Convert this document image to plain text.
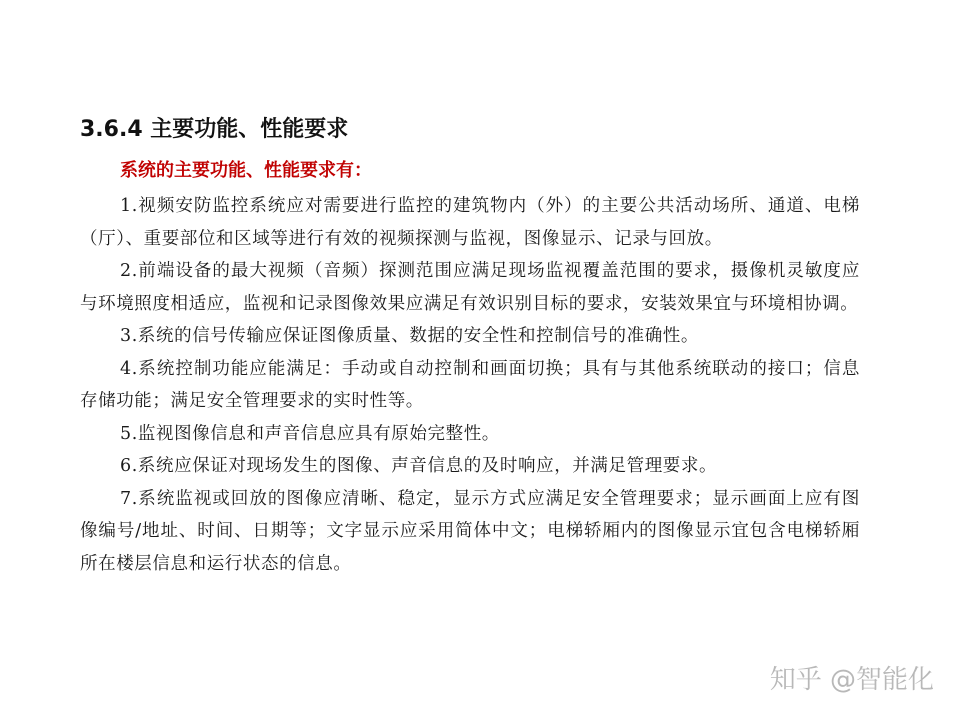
3.6.4 主要功能、性能要求
系统的主要功能、性能要求有：

1.视频安防监控系统应对需要进行监控的建筑物内（外）的主要公共活动场所、通道、电梯（厅）、重要部位和区域等进行有效的视频探测与监视，图像显示、记录与回放。

2.前端设备的最大视频（音频）探测范围应满足现场监视覆盖范围的要求，摄像机灵敏度应与环境照度相适应，监视和记录图像效果应满足有效识别目标的要求，安装效果宜与环境相协调。

3.系统的信号传输应保证图像质量、数据的安全性和控制信号的准确性。

4.系统控制功能应能满足：手动或自动控制和画面切换；具有与其他系统联动的接口；信息存储功能；满足安全管理要求的实时性等。

5.监视图像信息和声音信息应具有原始完整性。

6.系统应保证对现场发生的图像、声音信息的及时响应，并满足管理要求。

7.系统监视或回放的图像应清晰、稳定，显示方式应满足安全管理要求；显示画面上应有图像编号/地址、时间、日期等；文字显示应采用简体中文；电梯轿厢内的图像显示宜包含电梯轿厢所在楼层信息和运行状态的信息。

知乎 @智能化
